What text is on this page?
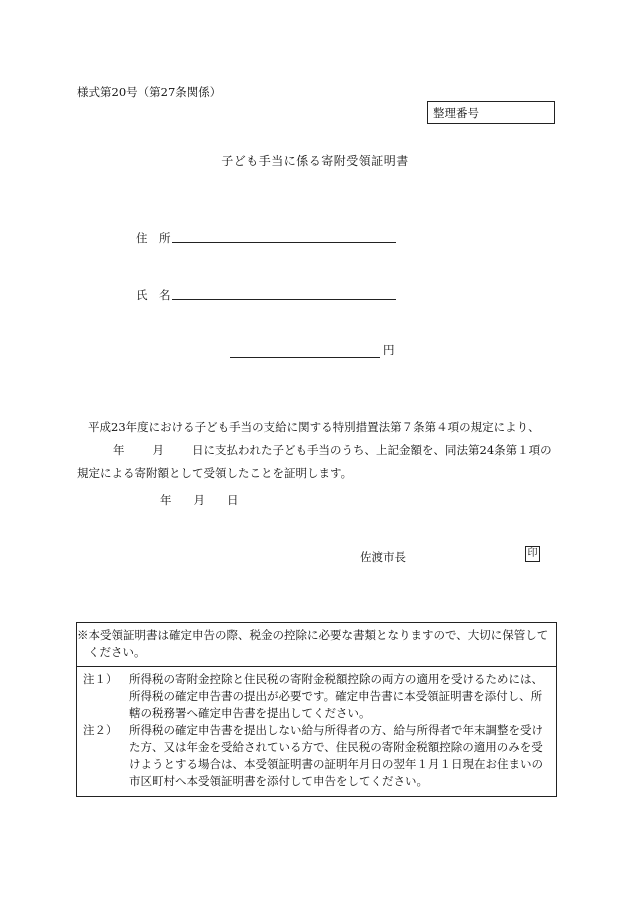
様式第20号（第27条関係）
整理番号
子ども手当に係る寄附受領証明書
住　所
氏　名
円

平成23年度における子ども手当の支給に関する特別措置法第７条第４項の規定により、

年 月 日に支払われた子ども手当のうち、上記金額を、同法第24条第１項の

規定による寄附額として受領したことを証明します。

年 月 日
佐渡市長	印
※本受領証明書は確定申告の際、税金の控除に必要な書類となりますので、大切に保管してください。
注１）	所得税の寄附金控除と住民税の寄附金税額控除の両方の適用を受けるためには、所得税の確定申告書の提出が必要です。確定申告書に本受領証明書を添付し、所轄の税務署へ確定申告書を提出してください。
注２）	所得税の確定申告書を提出しない給与所得者の方、給与所得者で年末調整を受けた方、又は年金を受給されている方で、住民税の寄附金税額控除の適用のみを受けようとする場合は、本受領証明書の証明年月日の翌年１月１日現在お住まいの市区町村へ本受領証明書を添付して申告をしてください。
